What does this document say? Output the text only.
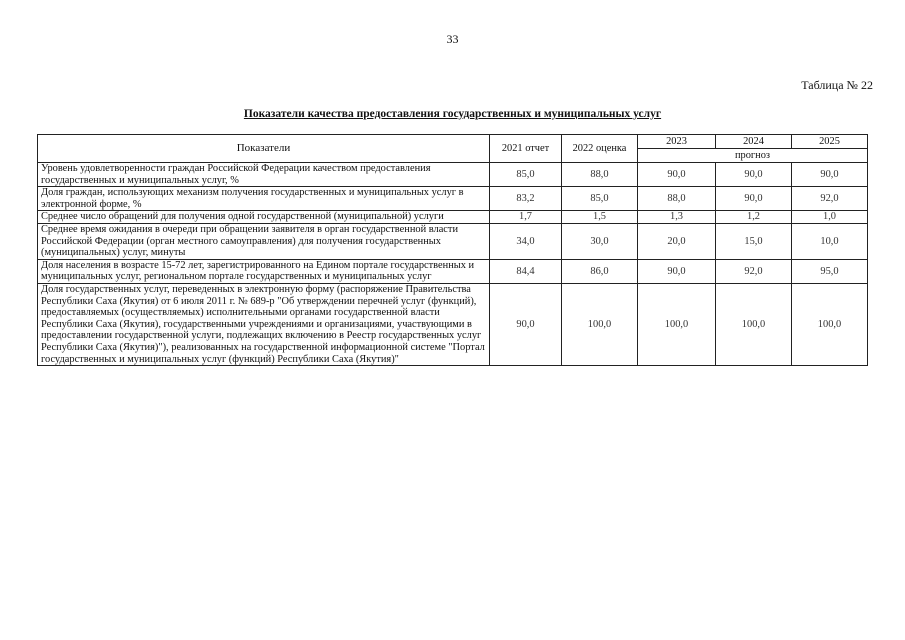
33
Таблица № 22
Показатели качества предоставления государственных и муниципальных услуг
Показатели	2021 отчет	2022 оценка	2023	2024	2025
			прогноз		
Уровень удовлетворенности граждан Российской Федерации качеством предоставления государственных и муниципальных услуг, %	85,0	88,0	90,0	90,0	90,0
Доля граждан, использующих механизм получения государственных и муниципальных услуг в электронной форме, %	83,2	85,0	88,0	90,0	92,0
Среднее число обращений для получения одной государственной (муниципальной) услуги	1,7	1,5	1,3	1,2	1,0
Среднее время ожидания в очереди при обращении заявителя в орган государственной власти Российской Федерации (орган местного самоуправления) для получения государственных (муниципальных) услуг, минуты	34,0	30,0	20,0	15,0	10,0
Доля населения в возрасте 15-72 лет, зарегистрированного на Едином портале государственных и муниципальных услуг, региональном портале государственных и муниципальных услуг	84,4	86,0	90,0	92,0	95,0
Доля государственных услуг, переведенных в электронную форму (распоряжение Правительства Республики Саха (Якутия) от 6 июля 2011 г. № 689-р "Об утверждении перечней услуг (функций), предоставляемых (осуществляемых) исполнительными органами государственной власти Республики Саха (Якутия), государственными учреждениями и организациями, участвующими в предоставлении государственной услуги, подлежащих включению в Реестр государственных услуг Республики Саха (Якутия)"), реализованных на государственной информационной системе "Портал государственных и муниципальных услуг (функций) Республики Саха (Якутия)"	90,0	100,0	100,0	100,0	100,0
